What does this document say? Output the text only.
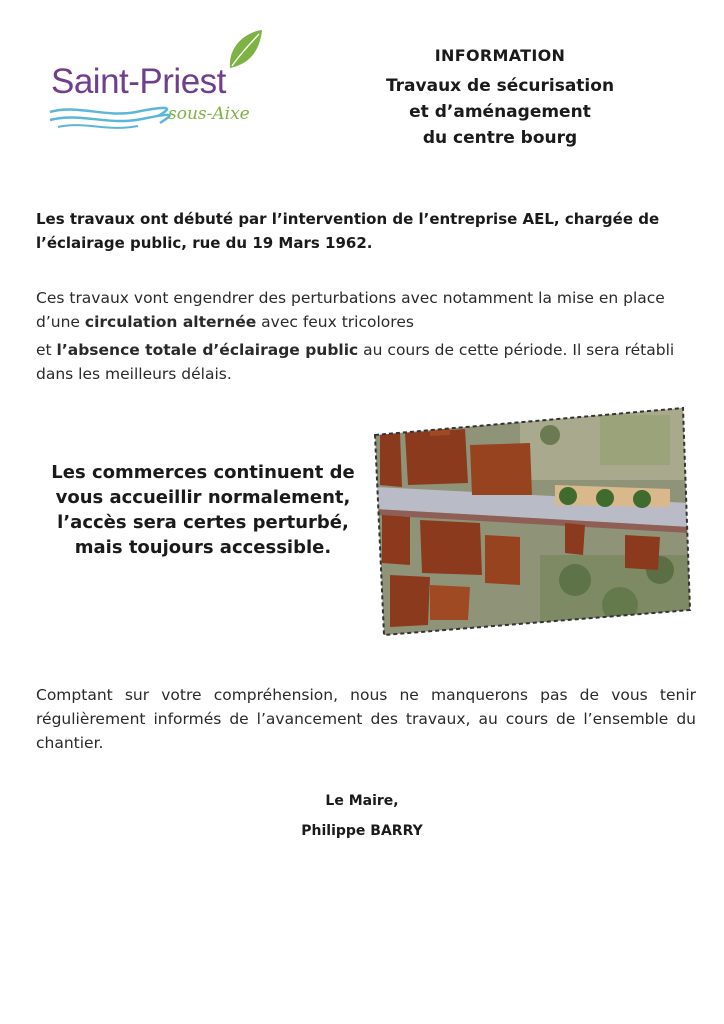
Saint-Priest
sous-Aixe

INFORMATION

Travaux de sécurisation

et d’aménagement

du centre bourg

Les travaux ont débuté par l’intervention de l’entreprise AEL, chargée de l’éclairage public, rue du 19 Mars 1962.

Ces travaux vont engendrer des perturbations avec notamment la mise en place d’une circulation alternée avec feux tricolores

et l’absence totale d’éclairage public au cours de cette période. Il sera rétabli dans les meilleurs délais.

Les commerces continuent de
vous accueillir normalement,
l’accès sera certes perturbé,
mais toujours accessible.

Comptant sur votre compréhension, nous ne manquerons pas de vous tenir régulièrement informés de l’avancement des travaux, au cours de l’ensemble du chantier.

Le Maire,
Philippe BARRY
